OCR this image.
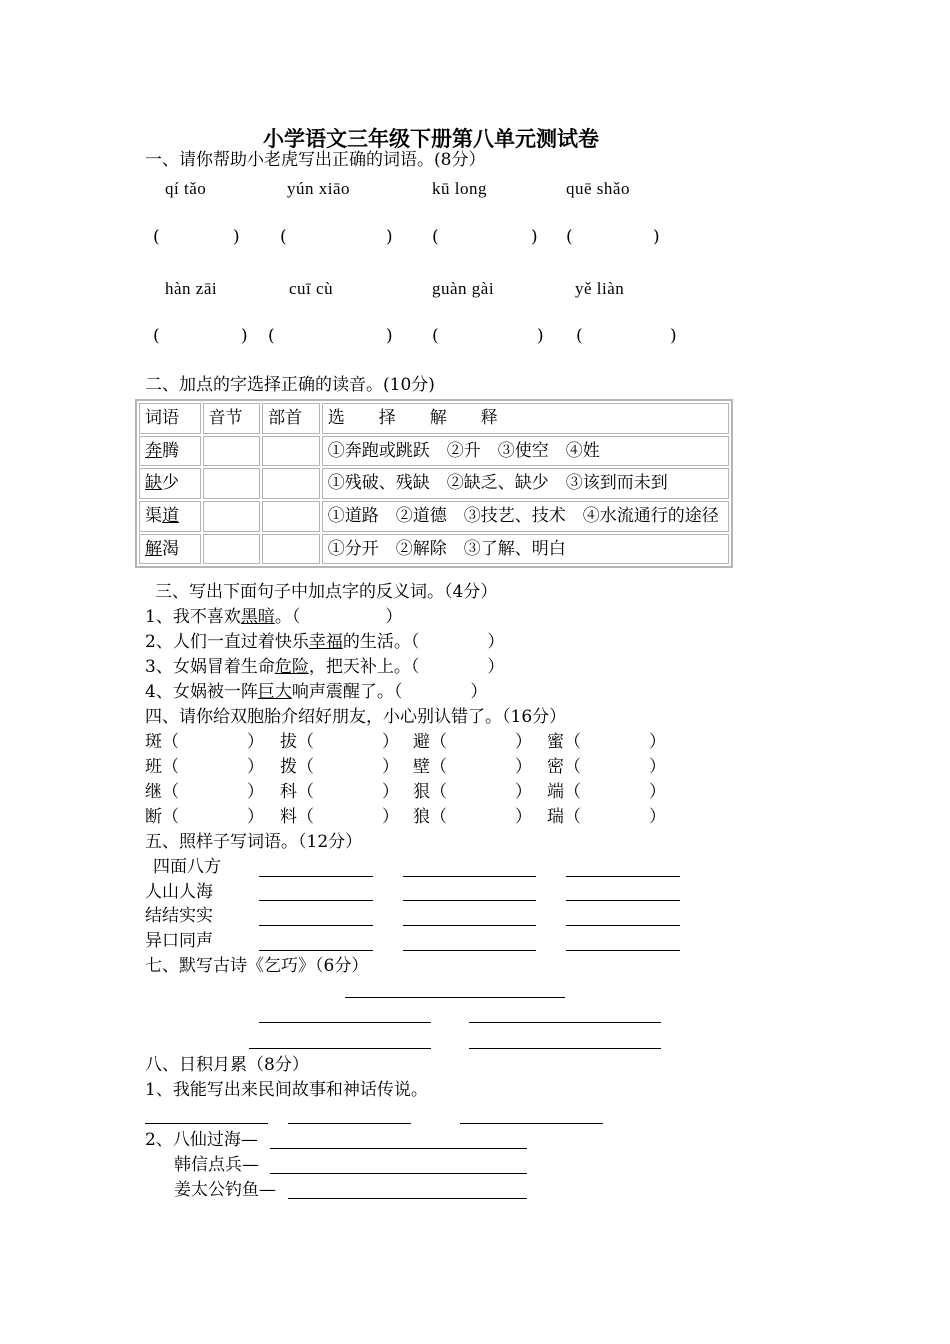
小学语文三年级下册第八单元测试卷
一、请你帮助小老虎写出正确的词语。(8分）
qí tǎo	yún xiāo	kū long	quē shǎo
(	) (	) (	) (	)
hàn zāi	cuī cù	guàn gài	yě liàn
(	) (	) (	) (	)
二、加点的字选择正确的读音。(10分)
词语	音节	部首	选　　择　　解　　释
奔腾			①奔跑或跳跃　②升　③使空　④姓
缺少			①残破、残缺　②缺乏、缺少　③该到而未到
渠道			①道路　②道德　③技艺、技术　④水流通行的途径
解渴			①分开　②解除　③了解、明白
三、写出下面句子中加点字的反义词。（4分）
1、我不喜欢黑暗。（　　　　　）
2、人们一直过着快乐幸福的生活。（　　　　）
3、女娲冒着生命危险，把天补上。（　　　　）
4、女娲被一阵巨大响声震醒了。（　　　　）
四、请你给双胞胎介绍好朋友，小心别认错了。（16分）
斑（　　　　） 拔（　　　　） 避（　　　　） 蜜（　　　　）
班（　　　　） 拨（　　　　） 壁（　　　　） 密（　　　　）
继（　　　　） 科（　　　　） 狠（　　　　） 端（　　　　）
断（　　　　） 料（　　　　） 狼（　　　　） 瑞（　　　　）
五、照样子写词语。（12分）
四面八方
人山人海
结结实实
异口同声
七、默写古诗《乞巧》（6分）
八、日积月累（8分）
1、我能写出来民间故事和神话传说。
2、八仙过海—
韩信点兵—
姜太公钓鱼—
